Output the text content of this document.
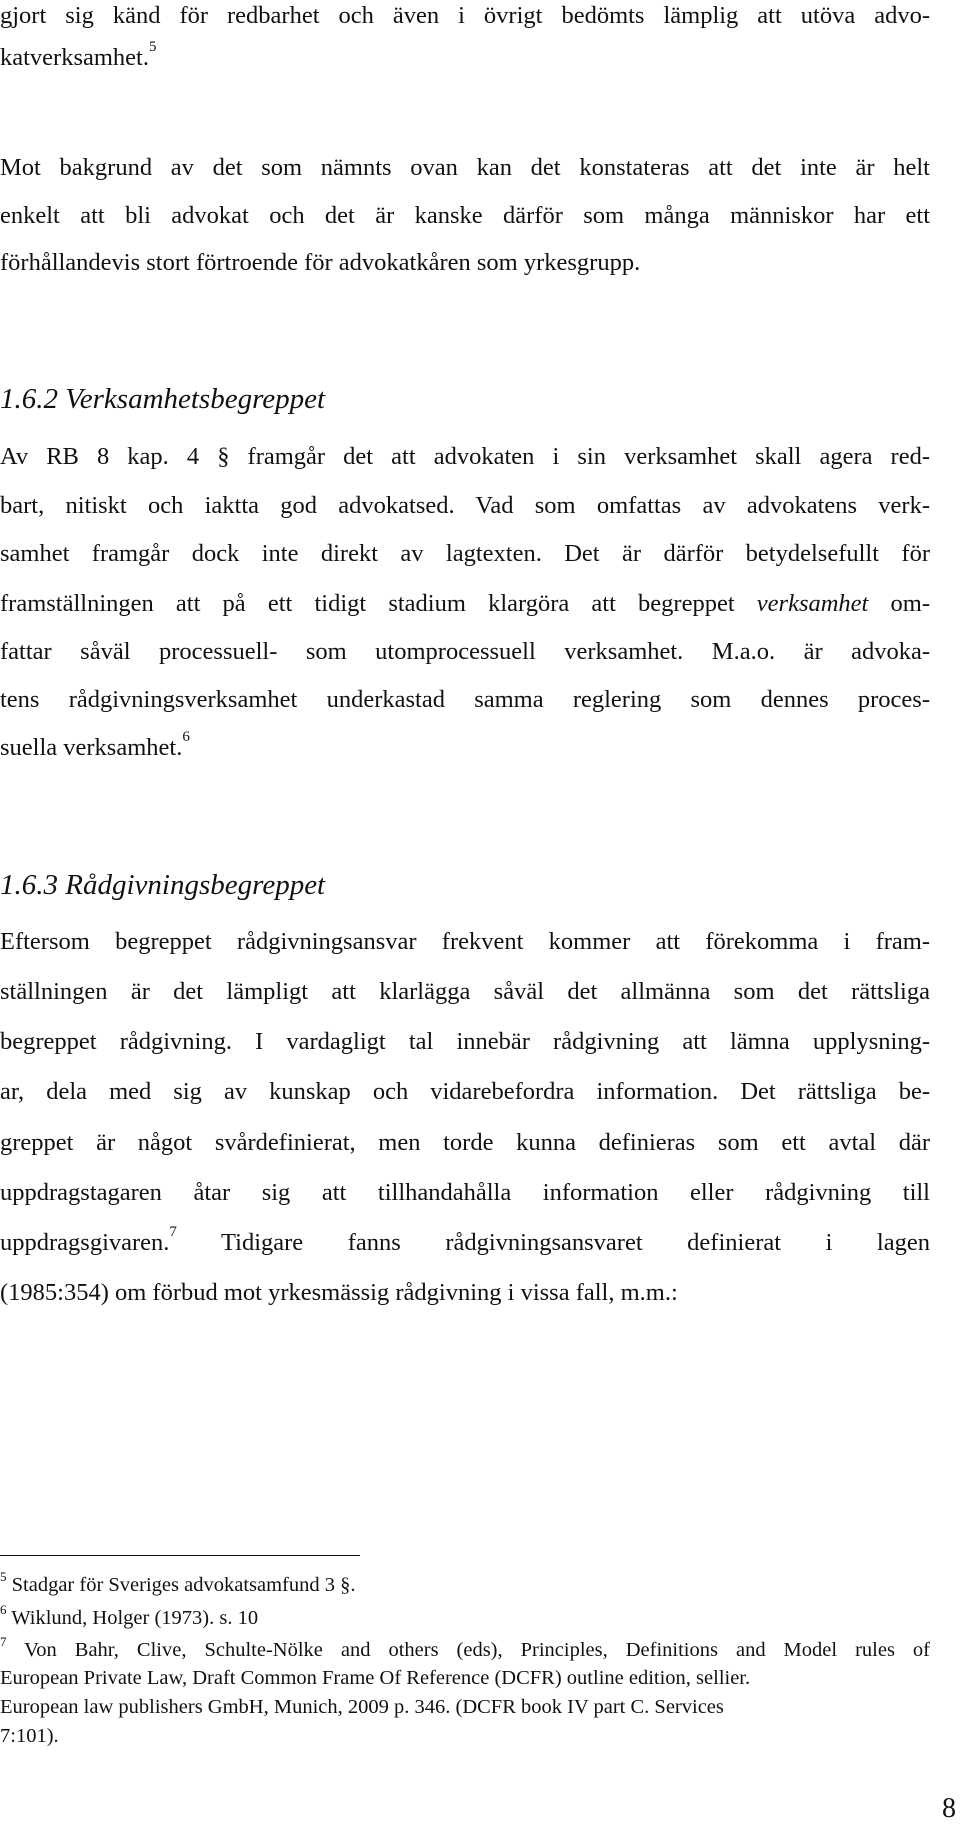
gjort sig känd för redbarhet och även i övrigt bedömts lämplig att utöva advo-
katverksamhet.$^5$
Mot bakgrund av det som nämnts ovan kan det konstateras att det inte är helt
enkelt att bli advokat och det är kanske därför som många människor har ett
förhållandevis stort förtroende för advokatkåren som yrkesgrupp.
1.6.2 Verksamhetsbegreppet
Av RB 8 kap. 4 § framgår det att advokaten i sin verksamhet skall agera red-
bart, nitiskt och iaktta god advokatsed. Vad som omfattas av advokatens verk-
samhet framgår dock inte direkt av lagtexten. Det är därför betydelsefullt för
framställningen att på ett tidigt stadium klargöra att begreppet verksamhet om-
fattar såväl processuell- som utomprocessuell verksamhet. M.a.o. är advoka-
tens rådgivningsverksamhet underkastad samma reglering som dennes proces-
suella verksamhet.$^6$
1.6.3 Rådgivningsbegreppet
Eftersom begreppet rådgivningsansvar frekvent kommer att förekomma i fram-
ställningen är det lämpligt att klarlägga såväl det allmänna som det rättsliga
begreppet rådgivning. I vardagligt tal innebär rådgivning att lämna upplysning-
ar, dela med sig av kunskap och vidarebefordra information. Det rättsliga be-
greppet är något svårdefinierat, men torde kunna definieras som ett avtal där
uppdragstagaren åtar sig att tillhandahålla information eller rådgivning till
uppdragsgivaren.$^7$ Tidigare fanns rådgivningsansvaret definierat i lagen
(1985:354) om förbud mot yrkesmässig rådgivning i vissa fall, m.m.:
$^5$ Stadgar för Sveriges advokatsamfund 3 §.
$^6$ Wiklund, Holger (1973). s. 10
$^7$ Von Bahr, Clive, Schulte-Nölke and others (eds), Principles, Definitions and Model rules of
European Private Law, Draft Common Frame Of Reference (DCFR) outline edition, sellier.
European law publishers GmbH, Munich, 2009 p. 346. (DCFR book IV part C. Services
7:101).
8
